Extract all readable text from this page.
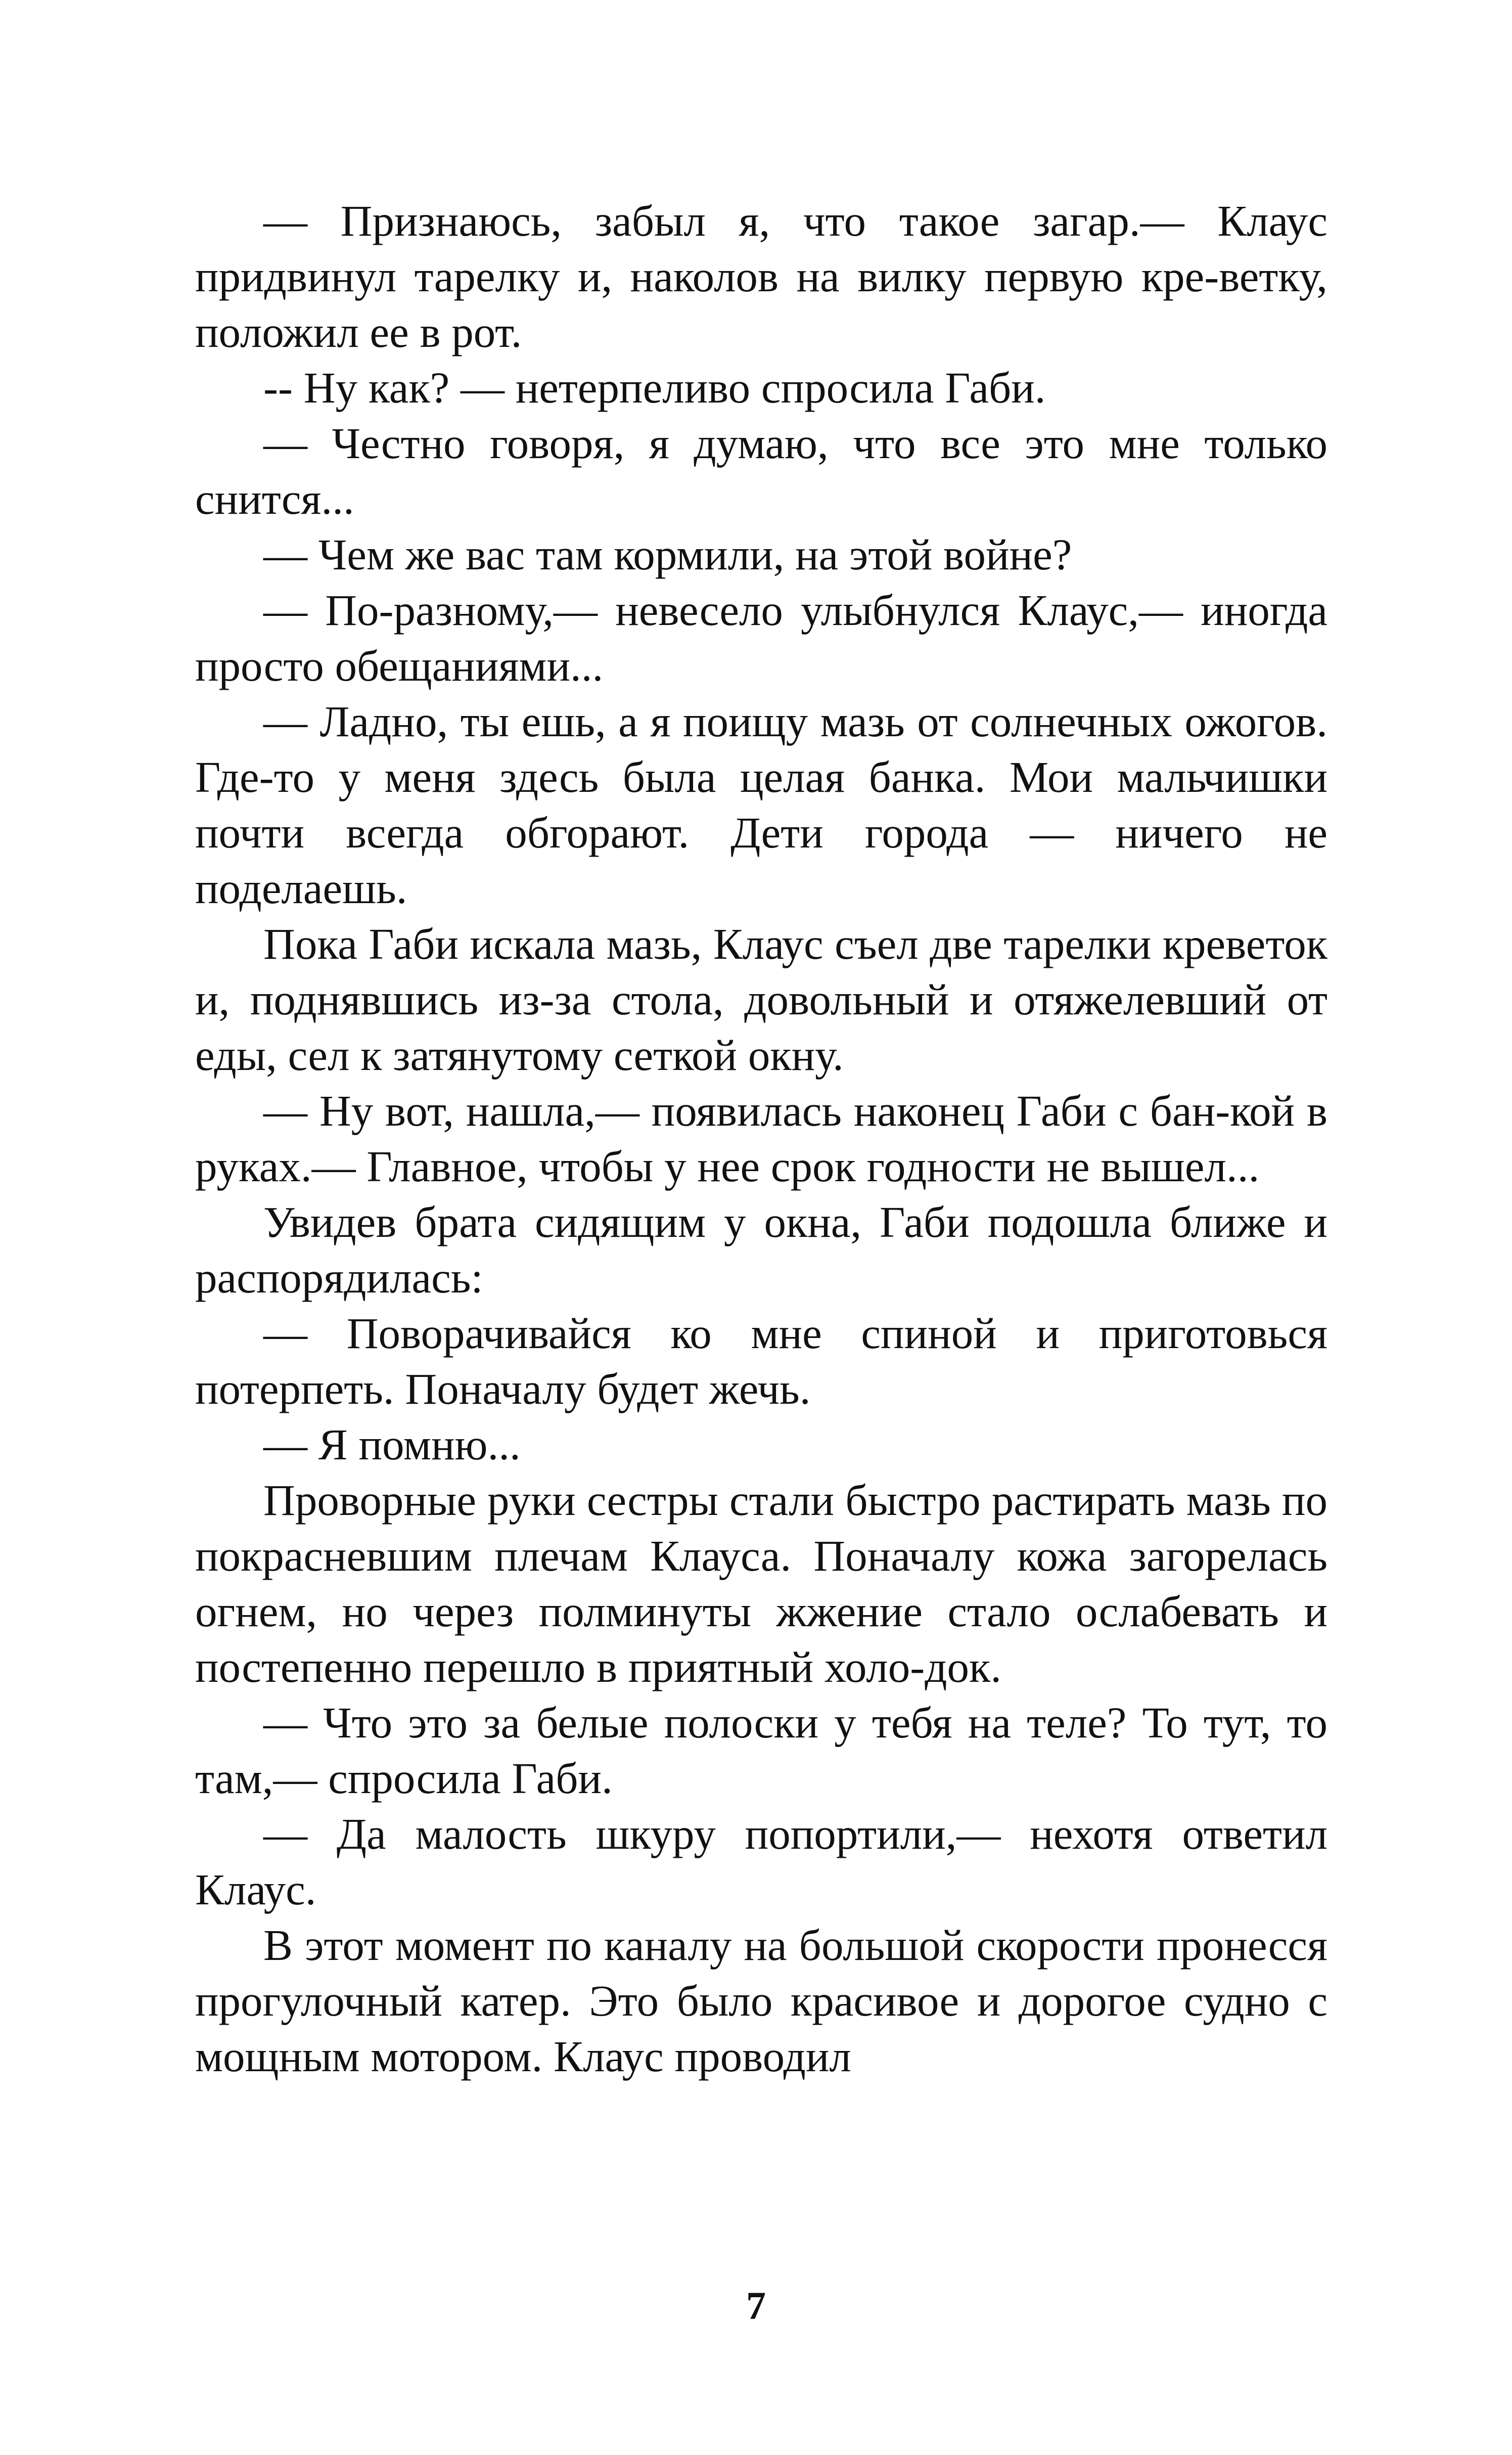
— Признаюсь, забыл я, что такое загар.— Клаус придвинул тарелку и, наколов на вилку первую кре-ветку, положил ее в рот.

-- Ну как? — нетерпеливо спросила Габи.

— Честно говоря, я думаю, что все это мне только снится...

— Чем же вас там кормили, на этой войне?

— По-разному,— невесело улыбнулся Клаус,— иногда просто обещаниями...

— Ладно, ты ешь, а я поищу мазь от солнечных ожогов. Где-то у меня здесь была целая банка. Мои мальчишки почти всегда обгорают. Дети города — ничего не поделаешь.

Пока Габи искала мазь, Клаус съел две тарелки креветок и, поднявшись из-за стола, довольный и отяжелевший от еды, сел к затянутому сеткой окну.

— Ну вот, нашла,— появилась наконец Габи с бан-кой в руках.— Главное, чтобы у нее срок годности не вышел...

Увидев брата сидящим у окна, Габи подошла ближе и распорядилась:

— Поворачивайся ко мне спиной и приготовься потерпеть. Поначалу будет жечь.

— Я помню...

Проворные руки сестры стали быстро растирать мазь по покрасневшим плечам Клауса. Поначалу кожа загорелась огнем, но через полминуты жжение стало ослабевать и постепенно перешло в приятный холо-док.

— Что это за белые полоски у тебя на теле? То тут, то там,— спросила Габи.

— Да малость шкуру попортили,— нехотя ответил Клаус.

В этот момент по каналу на большой скорости пронесся прогулочный катер. Это было красивое и дорогое судно с мощным мотором. Клаус проводил

7
